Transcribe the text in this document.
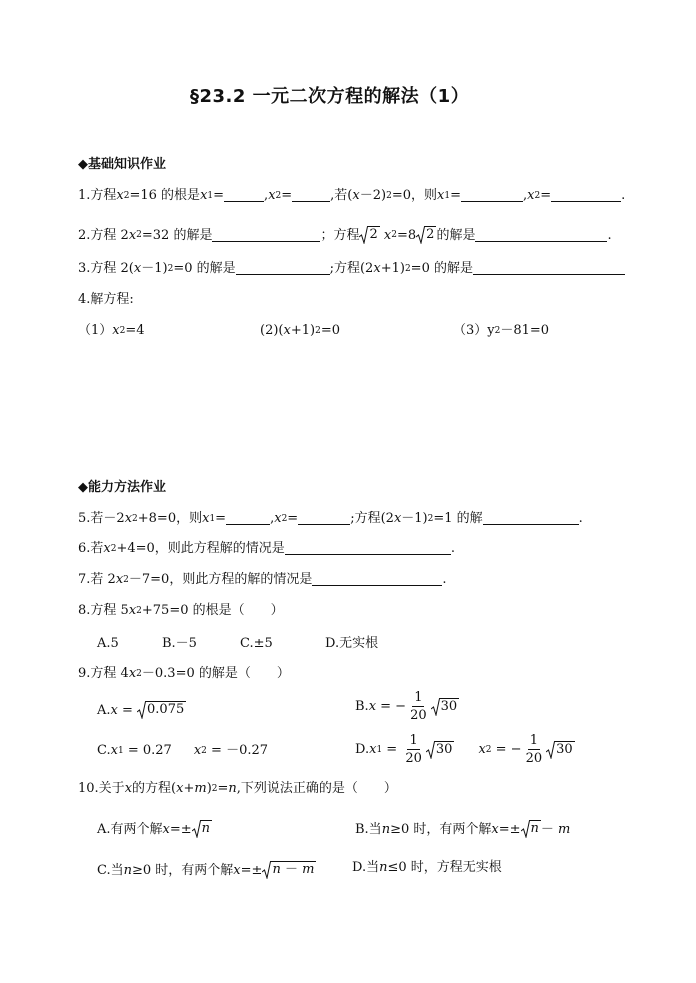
§23.2 一元二次方程的解法（1）
◆基础知识作业
1.方程 x 2 =16 的根是 x 1 =	, x 2 =	,若( x －2) 2 =0，则 x 1 =	, x 2 =	.
2.方程 2 x 2 =32 的解是	；方程 2
x 2 =8 2 的解是	.
3.方程 2( x －1) 2 =0 的解是	;方程(2 x +1) 2 =0 的解是
4.解方程:
（1） x 2 =4	(2)( x +1) 2 =0	（3）y 2 －81=0
◆能力方法作业
5.若－2 x 2 +8=0，则 x 1 =	, x 2 =	;方程(2 x －1) 2 =1 的解	.
6.若 x 2 +4=0，则此方程解的情况是	.
7.若 2 x 2 －7=0，则此方程的解的情况是	.
8.方程 5 x 2 +75=0 的根是（　　）
A.5	B.－5	C.±5	D.无实根
9.方程 4 x 2 －0.3=0 的解是（　　）
A. x =
0.075	B. x = − $\frac{1}{20} 30$
C. x 1
= 0.27 x 2
= －0.27	D. x $1 = \frac{1}{20} 30$ x 2 = − $\frac{1}{20} 30$
10.关于 x 的方程( x + m ) 2 = n ,下列说法正确的是（　　）
A.有两个解 x =± n	B.当 n ≥0 时，有两个解 x =± n －
m
C.当 n ≥0 时，有两个解 x =± n － m	D.当 n ≤0 时，方程无实根
